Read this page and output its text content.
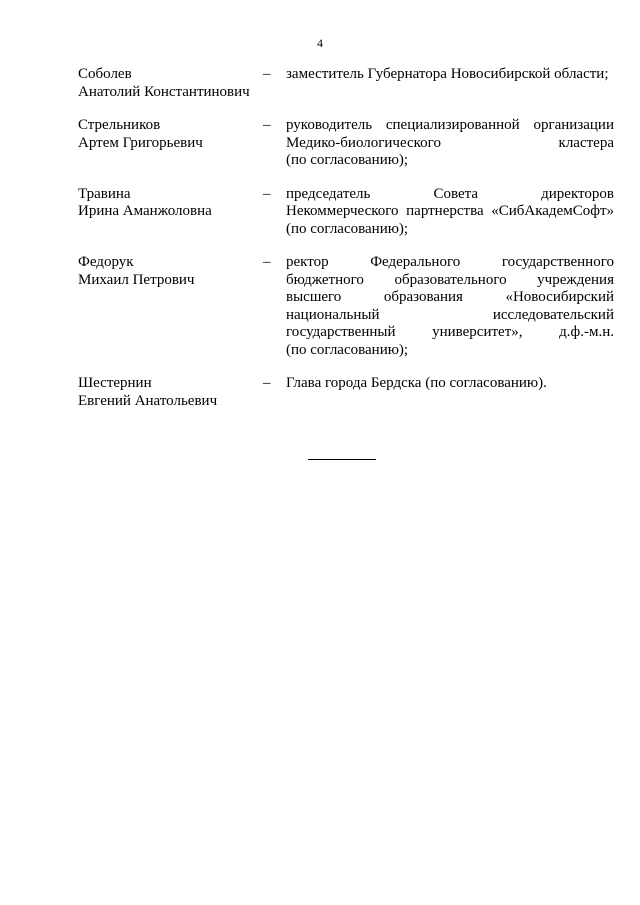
4
Соболев
Анатолий Константинович
–	заместитель Губернатора Новосибирской области;
Стрельников
Артем Григорьевич
–	руководитель специализированной организации
Медико-биологического	кластера
(по согласованию);
Травина
Ирина Аманжоловна
–	председатель	Совета	директоров
Некоммерческого партнерства «СибАкадемСофт»
(по согласованию);
Федорук
Михаил Петрович
–	ректор	Федерального	государственного
бюджетного образовательного учреждения
высшего	образования	«Новосибирский
национальный	исследовательский
государственный университет», д.ф.-м.н.
(по согласованию);
Шестернин
Евгений Анатольевич
–	Глава города Бердска (по согласованию).
